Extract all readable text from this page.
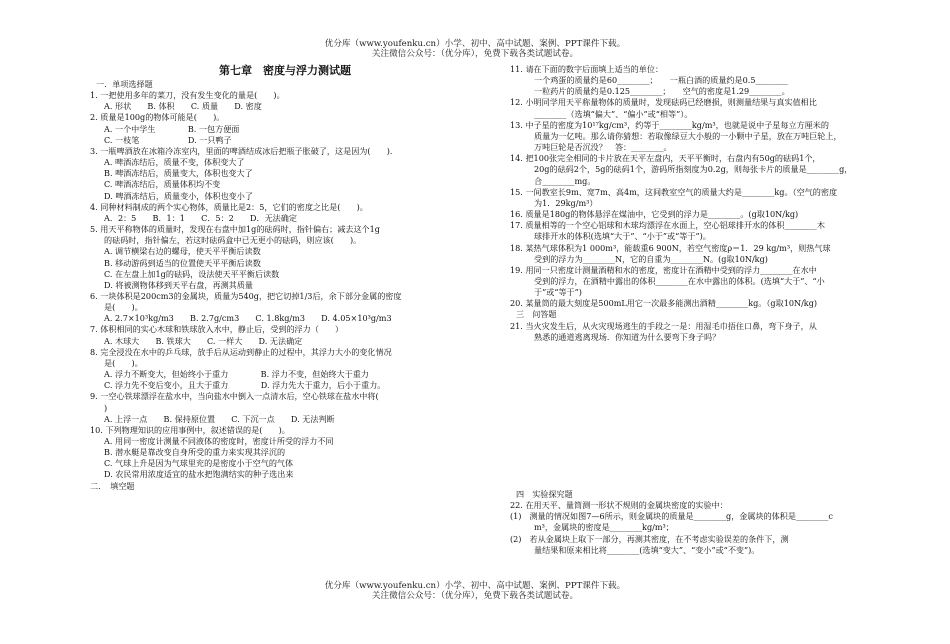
优分库（www.youfenku.cn）小学、初中、高中试题、案例、PPT课件下载。
关注微信公众号：（优分库），免费下载各类试题试卷。

第七章　密度与浮力测试题

一．单项选择题

1. 一把使用多年的菜刀，没有发生变化的量是(　　)。

A. 形状　　B. 体积　　C. 质量　　D. 密度

2. 质量是100g的物体可能是(　　)。

A. 一个中学生　　　　B. 一包方便面

C. 一枝笔　　　　　　D. 一只鸭子

3. 一瓶啤酒放在冰箱冷冻室内，里面的啤酒结成冰后把瓶子胀破了，这是因为(　　)．

A. 啤酒冻结后，质量不变，体积变大了

B. 啤酒冻结后，质量变大，体积也变大了

C. 啤酒冻结后，质量体积均不变

D. 啤酒冻结后，质量变小，体积也变小了

4. 同种材料制成的两个实心物体，质量比是2：5，它们的密度之比是(　　)。

A．2：5　　B．1：1　　C．5：2　　D．无法确定

5. 用天平称物体的质量时，发现在右盘中加1g的砝码时，指针偏右；减去这个1g

的砝码时，指针偏左，若这时砝码盒中已无更小的砝码，则应该(　　)。

A. 调节横梁右边的螺母，使天平平衡后读数

B. 移动游码到适当的位置使天平平衡后读数

C. 在左盘上加1g的砝码，设法使天平平衡后读数

D. 将被测物体移到天平右盘，再测其质量

6. 一块体积是200cm3的金属块，质量为540g，把它切掉1/3后，余下部分金属的密度

是(　　)。

A. 2.7×10³kg/m3　　B. 2.7g/cm3　　C. 1.8kg/m3　　D. 4.05×10³g/m3

7. 体积相同的实心木球和铁球放入水中，静止后，受到的浮力（　　）

A. 木球大　　B. 铁球大　　C. 一样大　　D. 无法确定

8. 完全浸没在水中的乒乓球，放手后从运动到静止的过程中，其浮力大小的变化情况

是(　　)。

A. 浮力不断变大，但始终小于重力　　　　B. 浮力不变，但始终大于重力

C. 浮力先不变后变小，且大于重力　　　　D. 浮力先大于重力，后小于重力。

9. 一空心铁球漂浮在盐水中，当向盐水中倒入一点清水后，空心铁球在盐水中将(

)

A. 上浮一点　　B. 保持原位置　　C. 下沉一点　　D. 无法判断

10. 下列物理知识的应用事例中，叙述错误的是(　　)。

A. 用同一密度计测量不同液体的密度时，密度计所受的浮力不同

B. 潜水艇是靠改变自身所受的重力来实现其浮沉的

C. 气球上升是因为气球里充的是密度小于空气的气体

D. 农民常用浓度适宜的盐水把饱满结实的种子选出来

二．　填空题

11. 请在下面的数字后面填上适当的单位：

一个鸡蛋的质量约是60________；　　一瓶白酒的质量约是0.5________

一粒药片的质量约是0.125________；　　空气的密度是1.29________。

12. 小明同学用天平称量物体的质量时，发现砝码已经磨损，则测量结果与真实值相比

________（选填“偏大”、“偏小”或“相等”）。

13. 中子星的密度为10¹⁷kg/cm³，约等于________kg/m³，也就是说中子星每立方厘米的

质量为一亿吨。那么请你猜想：若取像绿豆大小般的一小颗中子星，放在万吨巨轮上，

万吨巨轮是否沉没？　答：________。

14. 把100张完全相同的卡片放在天平左盘内，天平平衡时，右盘内有50g的砝码1个，

20g的砝码2个，5g的砝码1个，游码所指刻度为0.2g，则每张卡片的质量是________g，

合________mg。

15. 一间教室长9m、宽7m、高4m，这间教室空气的质量大约是________kg。（空气的密度

为1．29kg/m³）

16. 质量是180g的物体悬浮在煤油中，它受到的浮力是________。(g取10N/kg)

17. 质量相等的一个空心铝球和木球均漂浮在水面上，空心铝球排开水的体积________木

球排开水的体积(选填“大于”、“小于”或“等于”)。

18. 某热气球体积为1 000m³，能载重6 900N，若空气密度ρ＝1．29 kg/m³，则热气球

受到的浮力为________N，它的自重为________N。(g取10N/kg)

19. 用同一只密度计测量酒精和水的密度，密度计在酒精中受到的浮力________在水中

受到的浮力，在酒精中露出的体积________在水中露出的体积。(选填“大于”、“小

于”或“等于”)

20. 某量筒的最大刻度是500mL用它一次最多能测出酒精________kg。（g取10N/kg)

三　问答题

21. 当火灾发生后，从火灾现场逃生的手段之一是：用湿毛巾捂住口鼻，弯下身子，从

熟悉的通道逃离现场．你知道为什么要弯下身子吗？

四　实验探究题

22. 在用天平、量筒测一形状不规则的金属块密度的实验中：

(1)　测量的情况如图7—6所示，则金属块的质量是________g，金属块的体积是________c

m³，金属块的密度是________kg/m³；

(2)　若从金属块上取下一部分，再测其密度，在不考虑实验误差的条件下，测

量结果和原来相比将________(选填“变大”、“变小”或“不变”)。

优分库（www.youfenku.cn）小学、初中、高中试题、案例、PPT课件下载。
关注微信公众号：（优分库），免费下载各类试题试卷。
